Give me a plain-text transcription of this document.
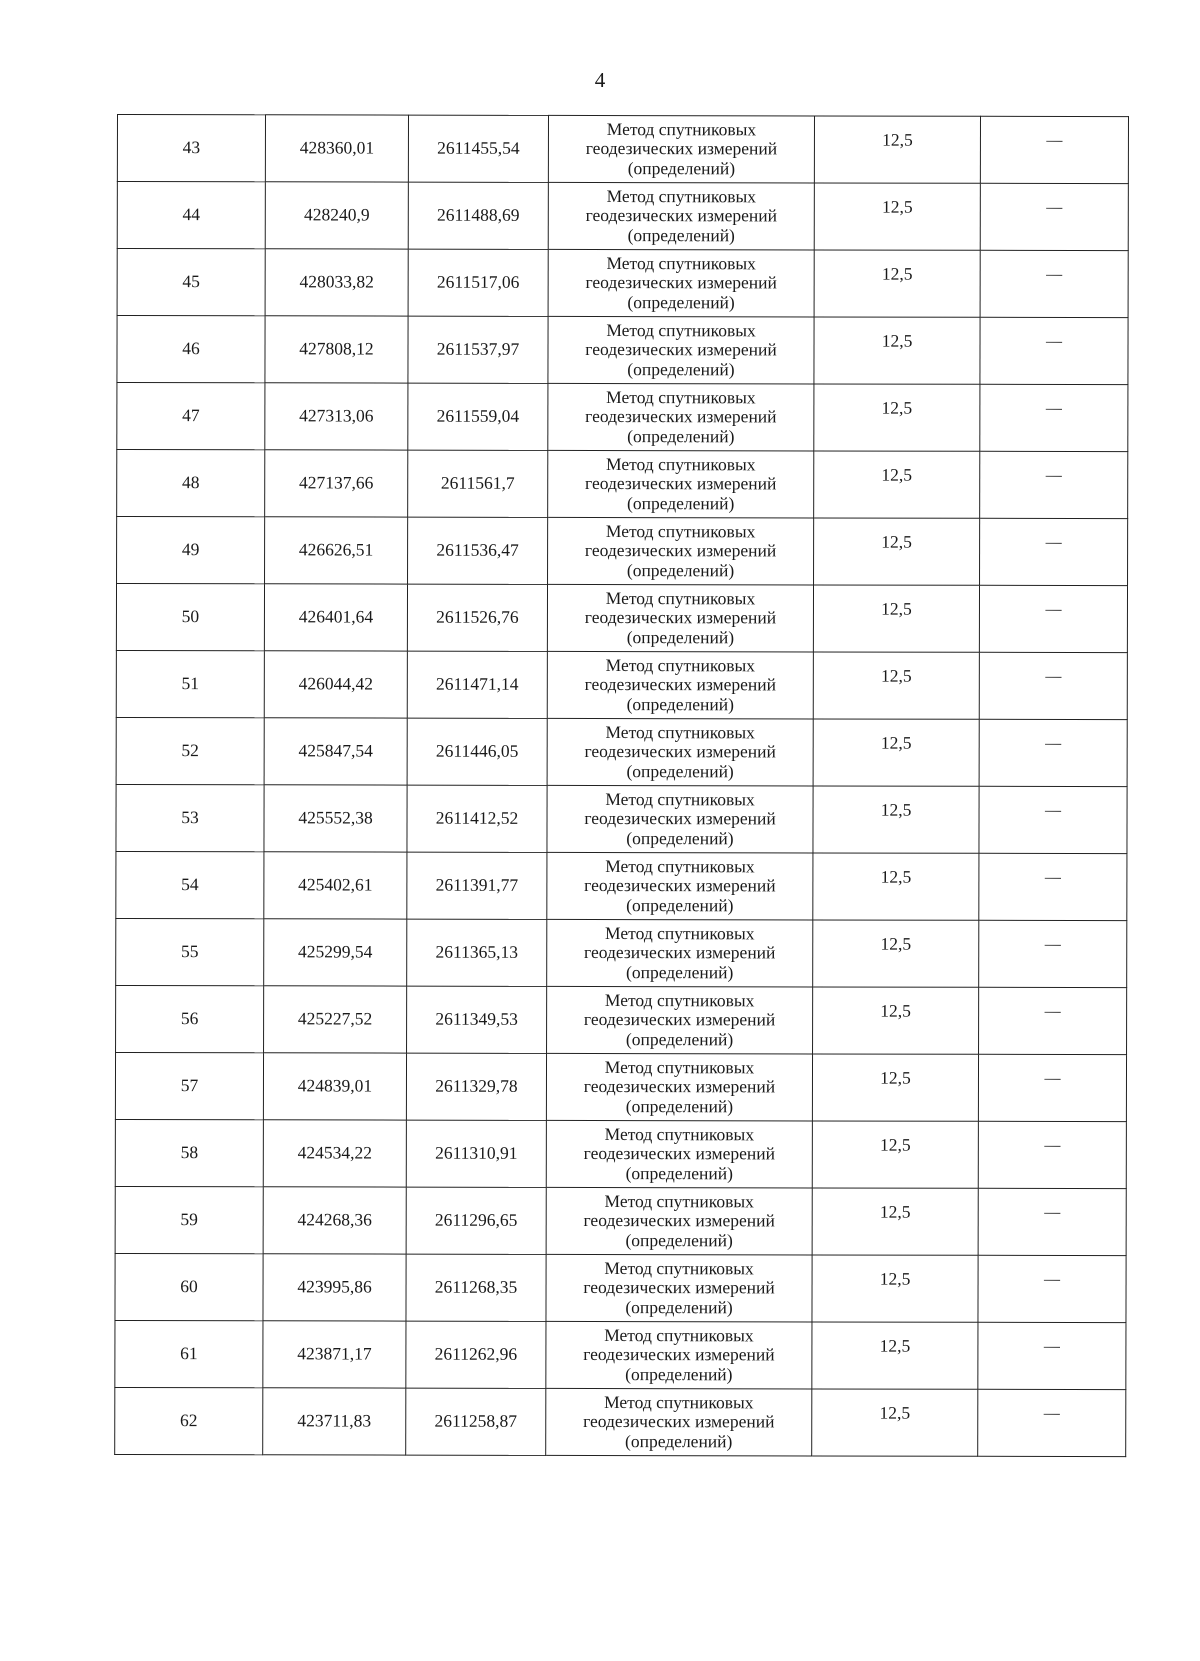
4
43	428360,01	2611455,54	Метод спутниковых
геодезических измерений
(определений)	12,5	—
44	428240,9	2611488,69	Метод спутниковых
геодезических измерений
(определений)	12,5	—
45	428033,82	2611517,06	Метод спутниковых
геодезических измерений
(определений)	12,5	—
46	427808,12	2611537,97	Метод спутниковых
геодезических измерений
(определений)	12,5	—
47	427313,06	2611559,04	Метод спутниковых
геодезических измерений
(определений)	12,5	—
48	427137,66	2611561,7	Метод спутниковых
геодезических измерений
(определений)	12,5	—
49	426626,51	2611536,47	Метод спутниковых
геодезических измерений
(определений)	12,5	—
50	426401,64	2611526,76	Метод спутниковых
геодезических измерений
(определений)	12,5	—
51	426044,42	2611471,14	Метод спутниковых
геодезических измерений
(определений)	12,5	—
52	425847,54	2611446,05	Метод спутниковых
геодезических измерений
(определений)	12,5	—
53	425552,38	2611412,52	Метод спутниковых
геодезических измерений
(определений)	12,5	—
54	425402,61	2611391,77	Метод спутниковых
геодезических измерений
(определений)	12,5	—
55	425299,54	2611365,13	Метод спутниковых
геодезических измерений
(определений)	12,5	—
56	425227,52	2611349,53	Метод спутниковых
геодезических измерений
(определений)	12,5	—
57	424839,01	2611329,78	Метод спутниковых
геодезических измерений
(определений)	12,5	—
58	424534,22	2611310,91	Метод спутниковых
геодезических измерений
(определений)	12,5	—
59	424268,36	2611296,65	Метод спутниковых
геодезических измерений
(определений)	12,5	—
60	423995,86	2611268,35	Метод спутниковых
геодезических измерений
(определений)	12,5	—
61	423871,17	2611262,96	Метод спутниковых
геодезических измерений
(определений)	12,5	—
62	423711,83	2611258,87	Метод спутниковых
геодезических измерений
(определений)	12,5	—
